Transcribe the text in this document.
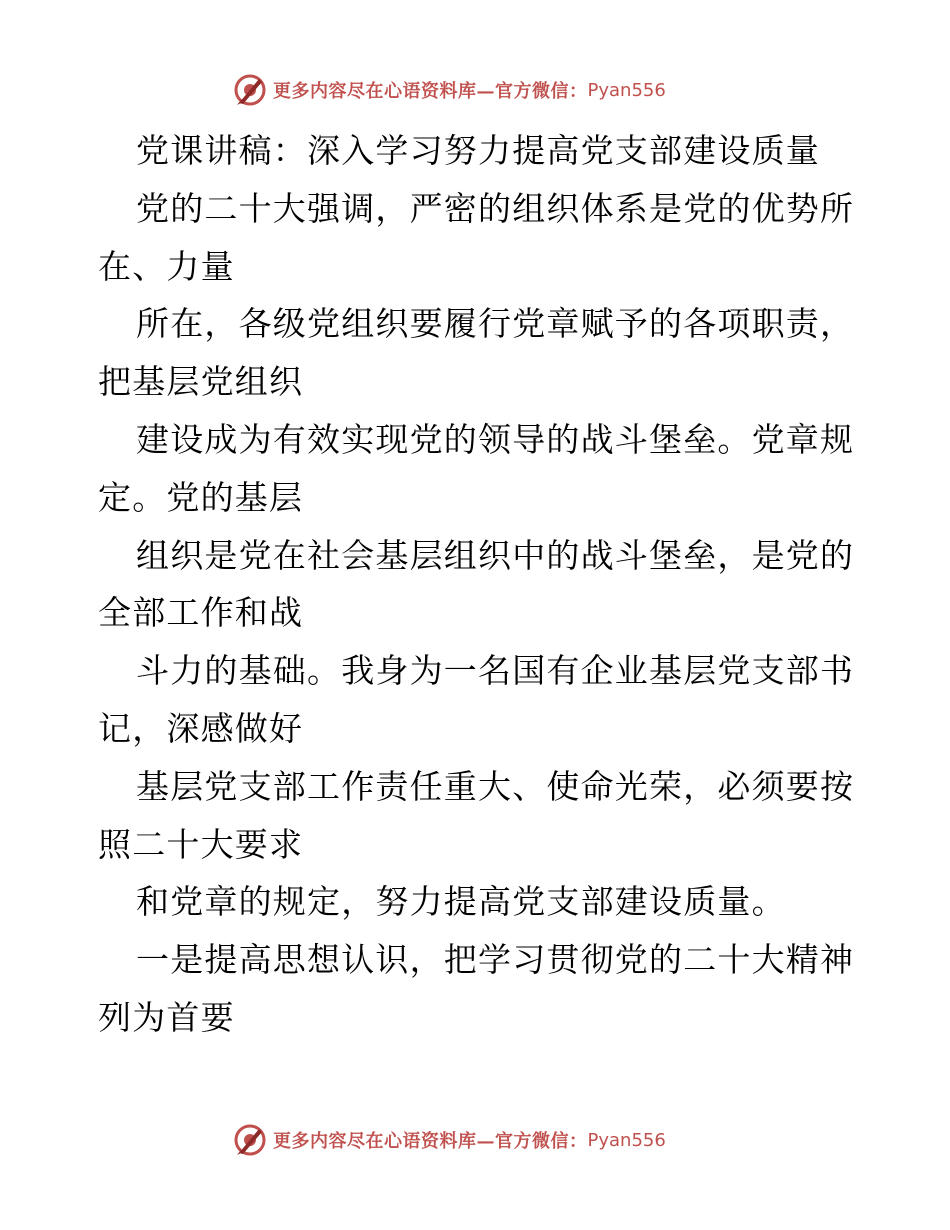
更多内容尽在心语资料库—官方微信： Pyan556
党课讲稿：深入学习努力提高党支部建设质量
党的二十大强调，严密的组织体系是党的优势所
在、力量
所在，各级党组织要履行党章赋予的各项职责，
把基层党组织
建设成为有效实现党的领导的战斗堡垒。党章规
定。党的基层
组织是党在社会基层组织中的战斗堡垒，是党的
全部工作和战
斗力的基础。我身为一名国有企业基层党支部书
记，深感做好
基层党支部工作责任重大、使命光荣，必须要按
照二十大要求
和党章的规定，努力提高党支部建设质量。
一是提高思想认识，把学习贯彻党的二十大精神
列为首要
更多内容尽在心语资料库—官方微信： Pyan556
